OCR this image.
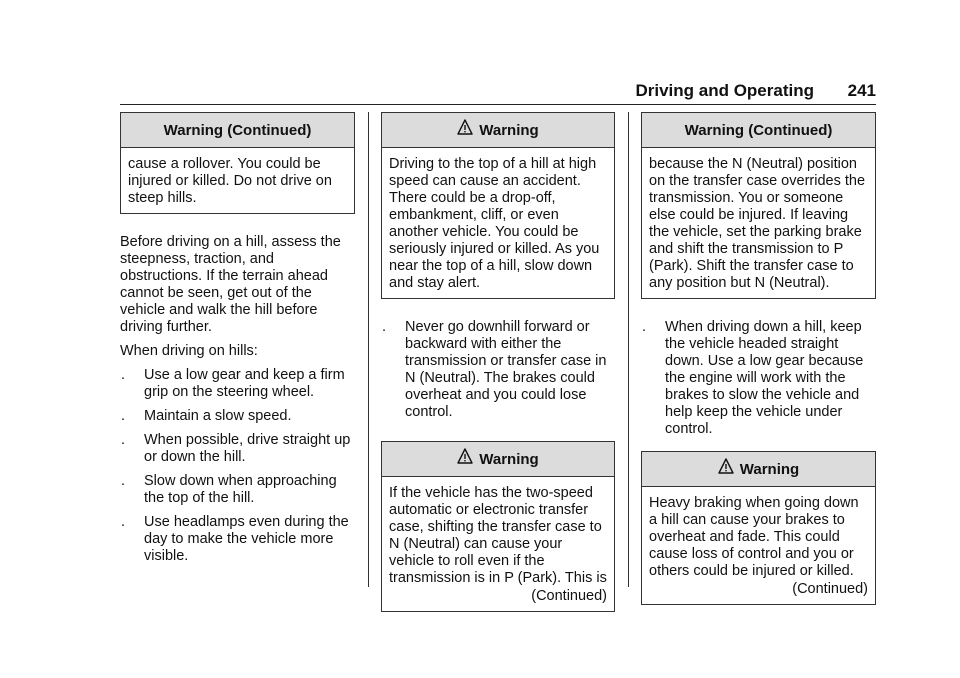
Driving and Operating 241
Warning (Continued)

cause a rollover. You could be injured or killed. Do not drive on steep hills.

Before driving on a hill, assess the steepness, traction, and obstructions. If the terrain ahead cannot be seen, get out of the vehicle and walk the hill before driving further.

When driving on hills:

. Use a low gear and keep a firm grip on the steering wheel.
. Maintain a slow speed.
. When possible, drive straight up or down the hill.
. Slow down when approaching the top of the hill.
. Use headlamps even during the day to make the vehicle more visible.
Warning

Driving to the top of a hill at high speed can cause an accident. There could be a drop-off, embankment, cliff, or even another vehicle. You could be seriously injured or killed. As you near the top of a hill, slow down and stay alert.

. Never go downhill forward or backward with either the transmission or transfer case in N (Neutral). The brakes could overheat and you could lose control.
Warning

If the vehicle has the two-speed automatic or electronic transfer case, shifting the transfer case to N (Neutral) can cause your vehicle to roll even if the transmission is in P (Park). This is

(Continued)
Warning (Continued)

because the N (Neutral) position on the transfer case overrides the transmission. You or someone else could be injured. If leaving the vehicle, set the parking brake and shift the transmission to P (Park). Shift the transfer case to any position but N (Neutral).

. When driving down a hill, keep the vehicle headed straight down. Use a low gear because the engine will work with the brakes to slow the vehicle and help keep the vehicle under control.
Warning

Heavy braking when going down a hill can cause your brakes to overheat and fade. This could cause loss of control and you or others could be injured or killed.

(Continued)
